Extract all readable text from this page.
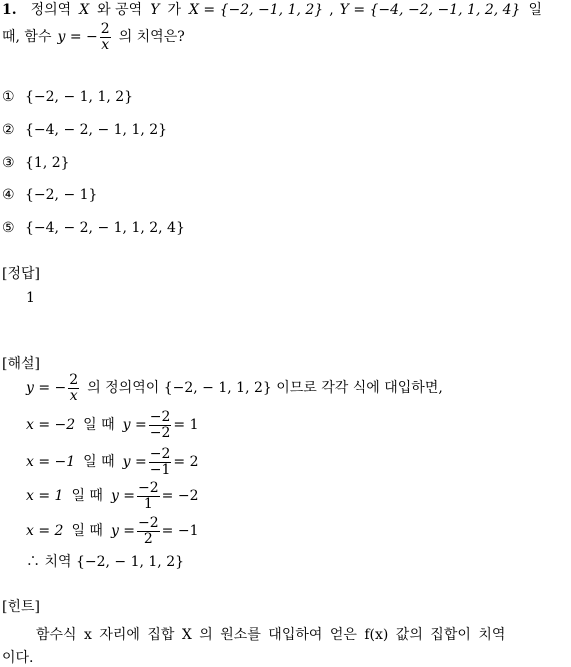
1. 정의역 X 와 공역 Y 가 X = {−2, −1, 1, 2} , Y = {−4, −2, −1, 1, 2, 4} 일
때, 함수 y = − $\frac{2}{x}$ 의 치역은?
① {−2, − 1, 1, 2}
② {−4, − 2, − 1, 1, 2}
③ {1, 2}
④ {−2, − 1}
⑤ {−4, − 2, − 1, 1, 2, 4}
[정답]
1
[해설]
y = − $\frac{2}{x}$ 의 정의역이 {−2, − 1, 1, 2} 이므로 각각 식에 대입하면,
x = −2 일 때 $y = \frac{-2}{-2} = 1$
x = −1 일 때 $y = \frac{-2}{-1} = 2$
x = 1 일 때 $y = \frac{-2}{1} = -2$
x = 2 일 때 $y = \frac{-2}{2} = -1$
∴ 치역 {−2, − 1, 1, 2}
[힌트]
함수식 x 자리에 집합 X 의 원소를 대입하여 얻은 f(x) 값의 집합이 치역
이다.
